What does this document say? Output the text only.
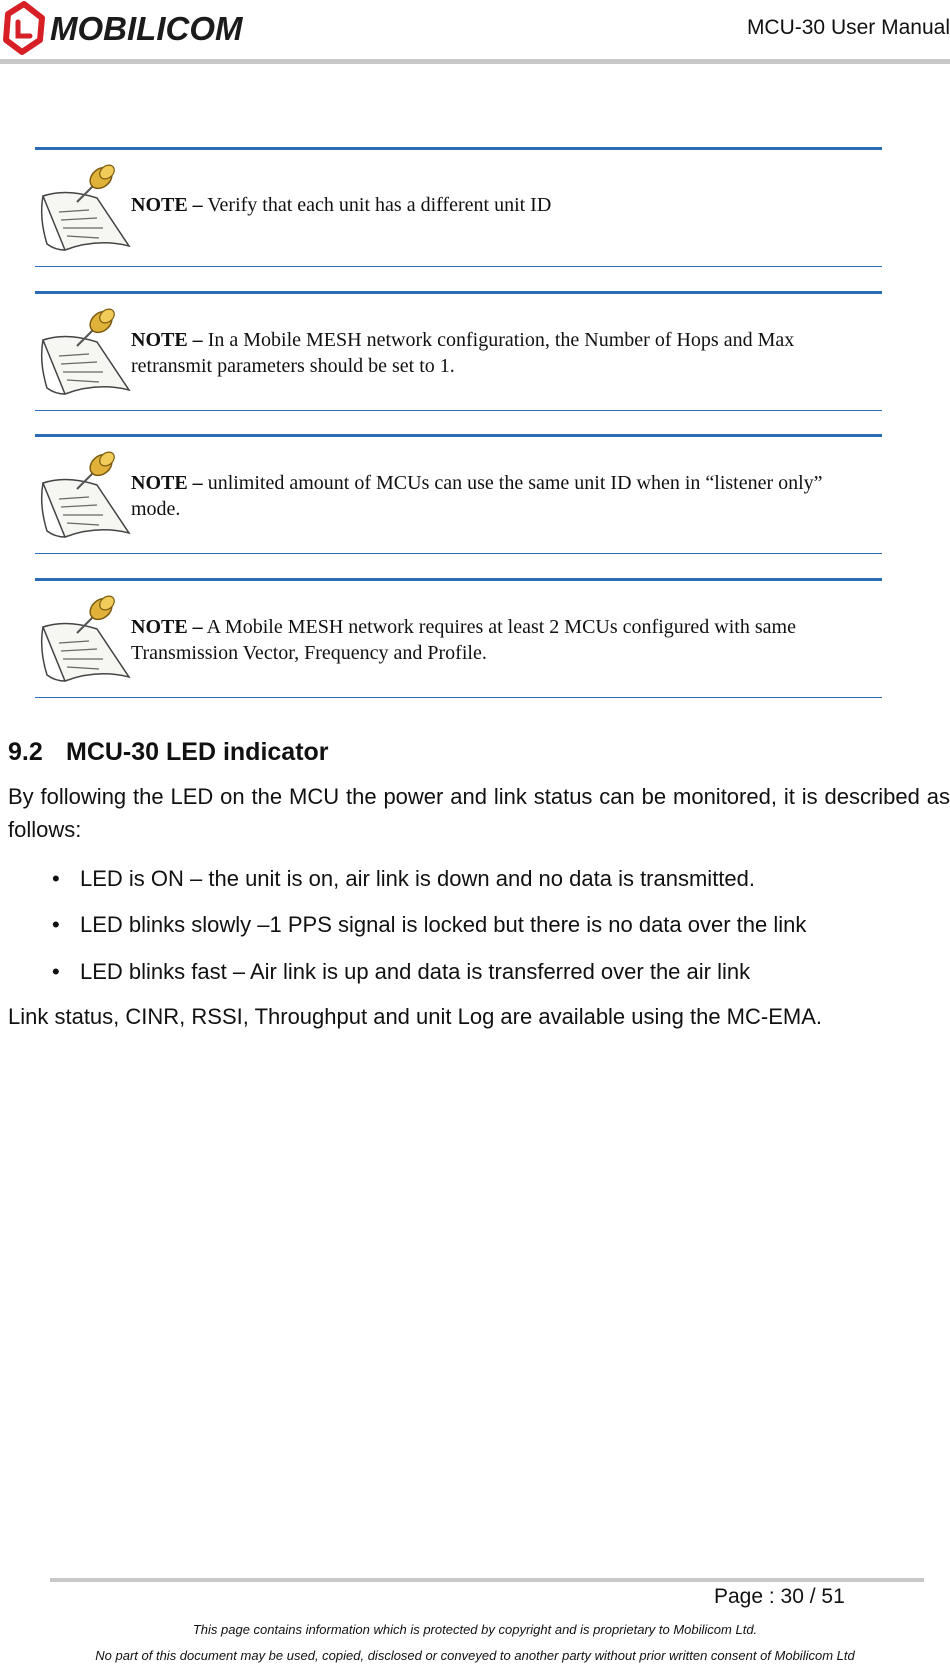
MOBILICOM	MCU-30 User Manual
NOTE – Verify that each unit has a different unit ID
NOTE – In a Mobile MESH network configuration, the Number of Hops and Max retransmit parameters should be set to 1.
NOTE – unlimited amount of MCUs can use the same unit ID when in “listener only” mode.
NOTE – A Mobile MESH network requires at least 2 MCUs configured with same Transmission Vector, Frequency and Profile.
9.2 MCU-30 LED indicator
By following the LED on the MCU the power and link status can be monitored, it is described as follows:
• LED is ON – the unit is on, air link is down and no data is transmitted.
• LED blinks slowly –1 PPS signal is locked but there is no data over the link
• LED blinks fast – Air link is up and data is transferred over the air link
Link status, CINR, RSSI, Throughput and unit Log are available using the MC-EMA.
Page : 30 / 51
This page contains information which is protected by copyright and is proprietary to Mobilicom Ltd.
No part of this document may be used, copied, disclosed or conveyed to another party without prior written consent of Mobilicom Ltd
